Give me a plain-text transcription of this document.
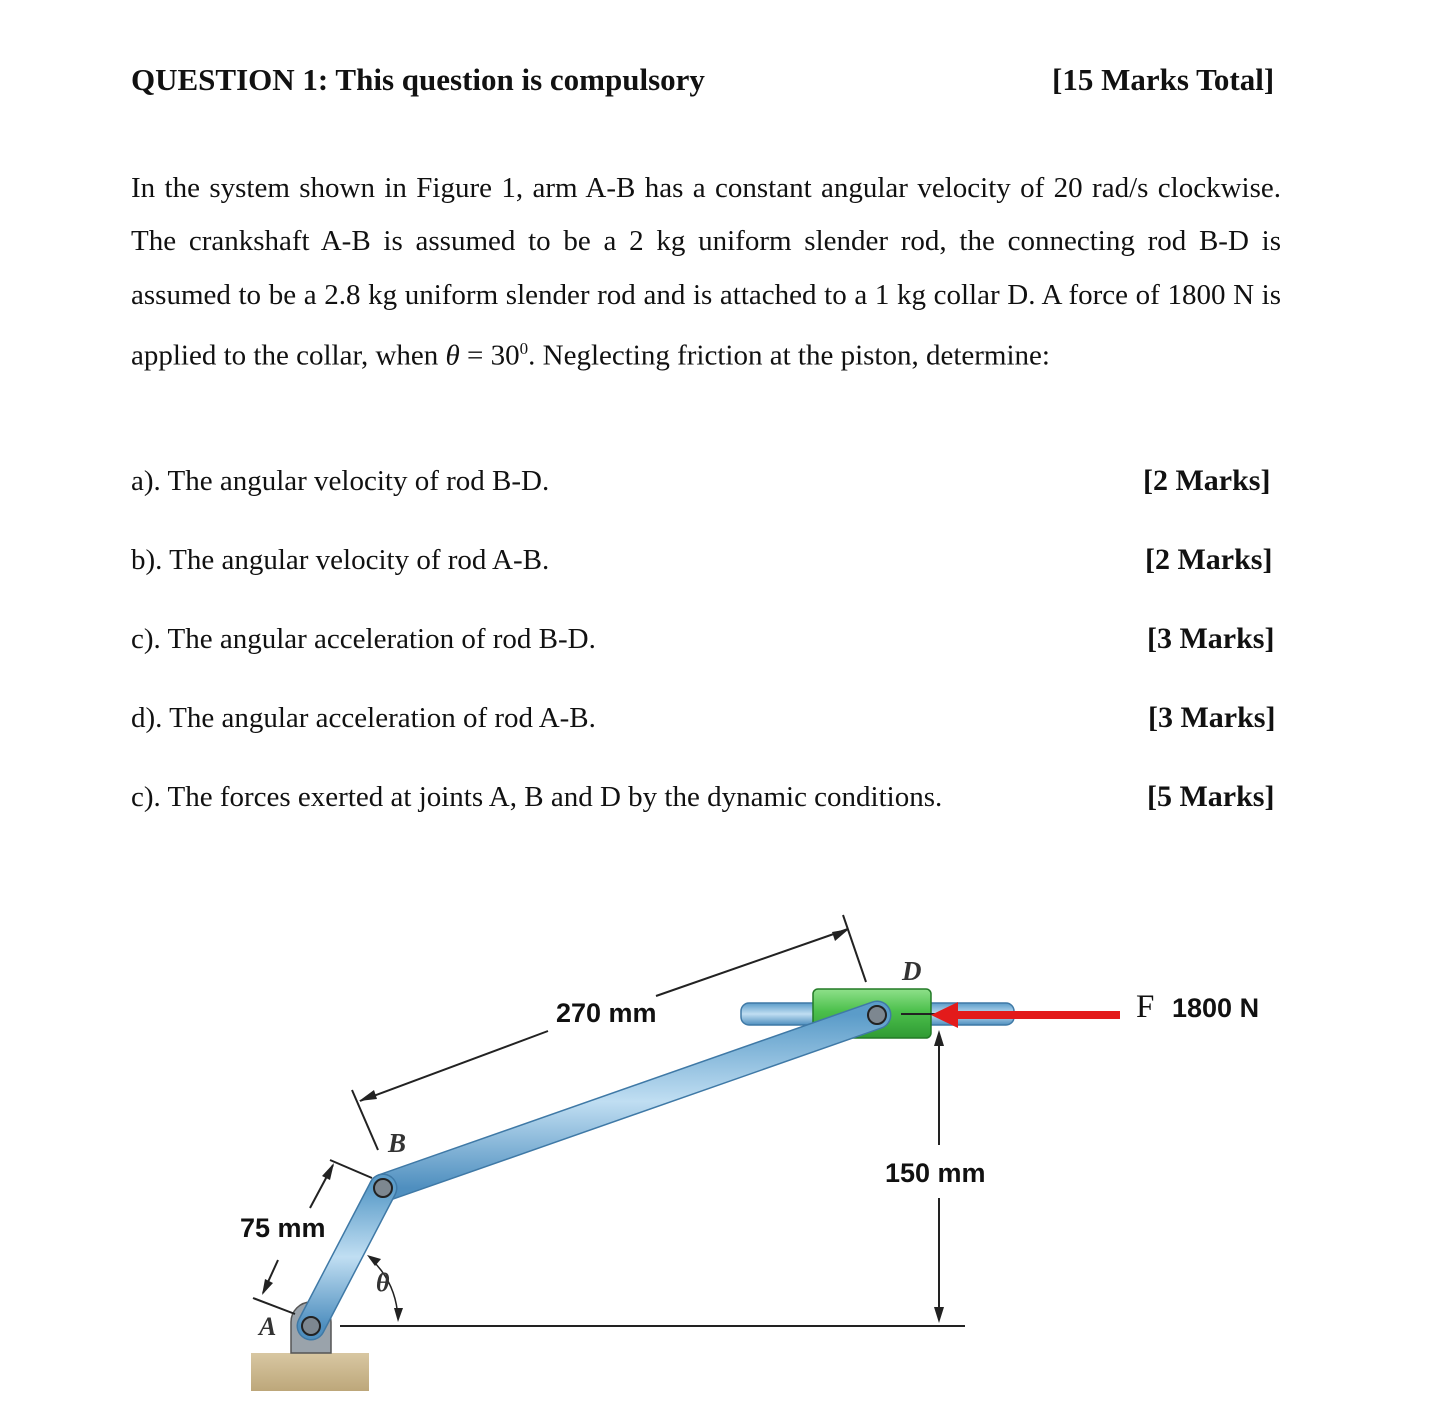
QUESTION 1: This question is compulsory	[15 Marks Total]

In the system shown in Figure 1, arm A-B has a constant angular velocity of 20 rad/s clockwise. The crankshaft A-B is assumed to be a 2 kg uniform slender rod, the connecting rod B-D is assumed to be a 2.8 kg uniform slender rod and is attached to a 1 kg collar D. A force of 1800 N is applied to the collar, when $\theta = 30^0$. Neglecting friction at the piston, determine:

a). The angular velocity of rod B-D.	[2 Marks]
b). The angular velocity of rod A-B.	[2 Marks]
c). The angular acceleration of rod B-D.	[3 Marks]
d). The angular acceleration of rod A-B.	[3 Marks]
c). The forces exerted at joints A, B and D by the dynamic conditions.	[5 Marks]
270 mm
75 mm
150 mm
F 1800 N
A
B
D
θ
